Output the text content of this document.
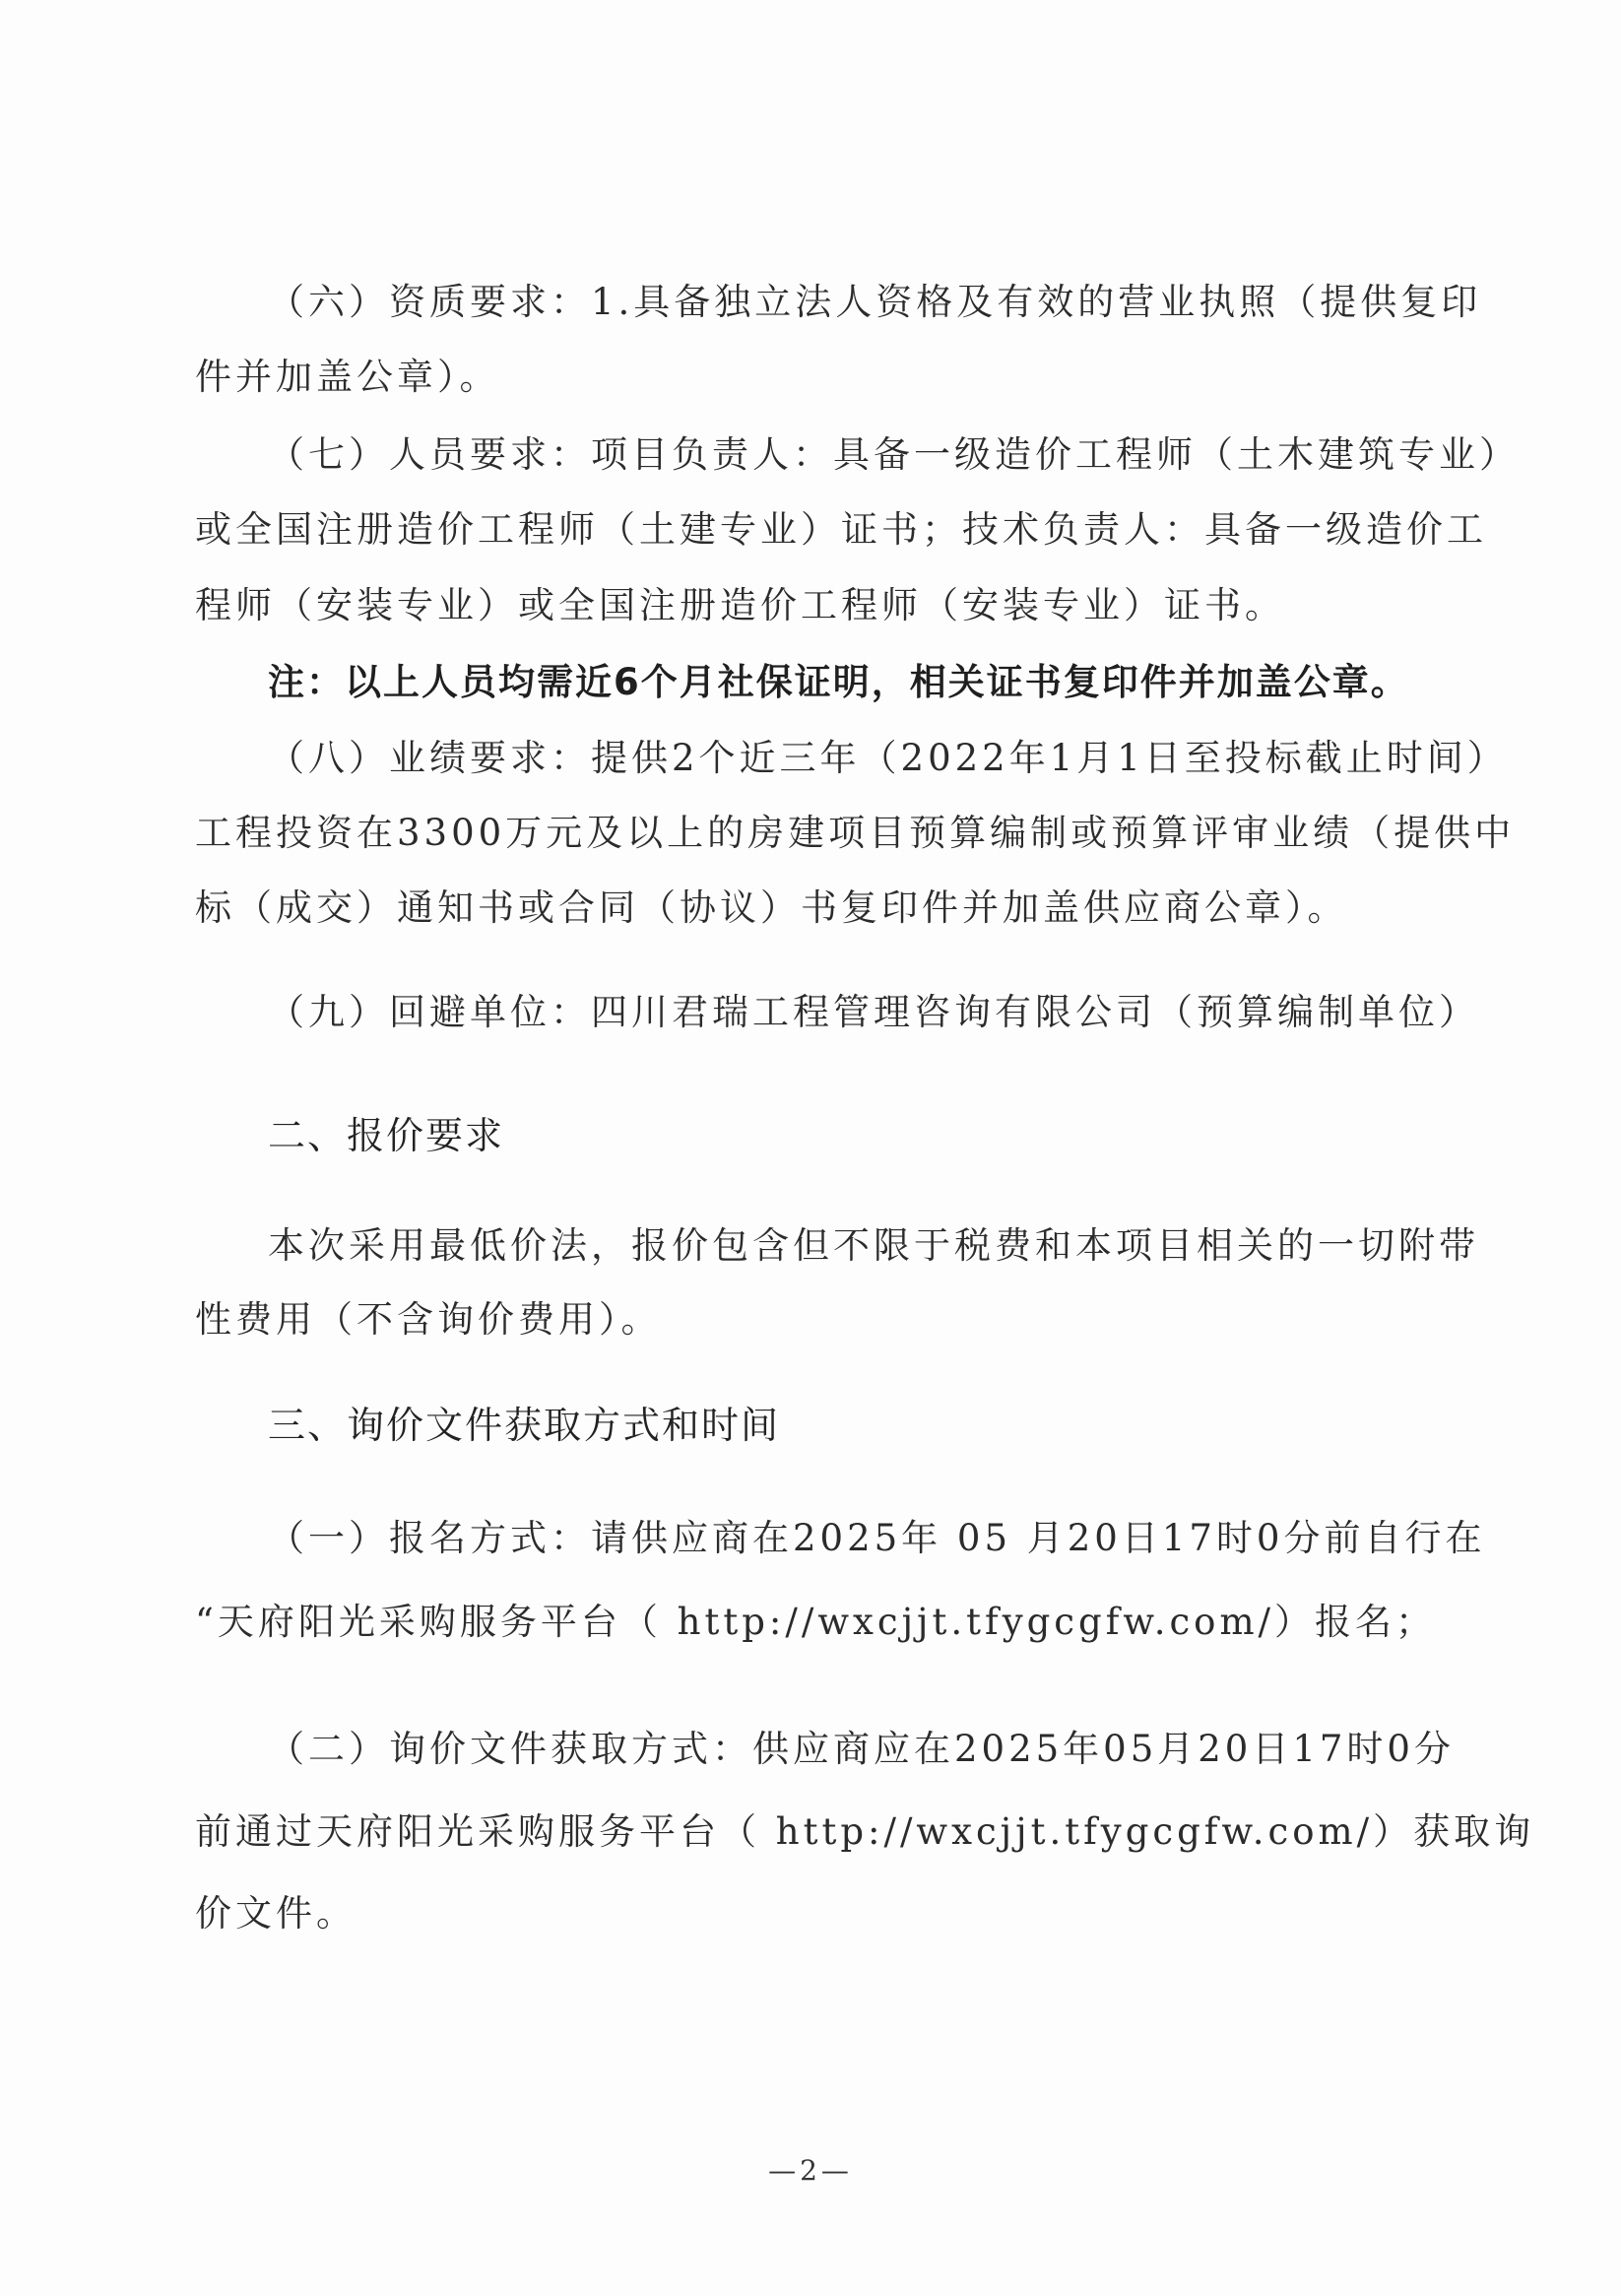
（六）资质要求：1.具备独立法人资格及有效的营业执照（提供复印
件并加盖公章）。
（七）人员要求：项目负责人：具备一级造价工程师（土木建筑专业）
或全国注册造价工程师（土建专业）证书；技术负责人：具备一级造价工
程师（安装专业）或全国注册造价工程师（安装专业）证书。
注：以上人员均需近6个月社保证明，相关证书复印件并加盖公章。
（八）业绩要求：提供2个近三年（2022年1月1日至投标截止时间）
工程投资在3300万元及以上的房建项目预算编制或预算评审业绩（提供中
标（成交）通知书或合同（协议）书复印件并加盖供应商公章）。
（九）回避单位：四川君瑞工程管理咨询有限公司（预算编制单位）
二、报价要求
本次采用最低价法，报价包含但不限于税费和本项目相关的一切附带
性费用（不含询价费用）。
三、询价文件获取方式和时间
（一）报名方式：请供应商在2025年 05 月20日17时0分前自行在
“天府阳光采购服务平台（ http://wxcjjt.tfygcgfw.com/）报名；
（二）询价文件获取方式：供应商应在2025年05月20日17时0分
前通过天府阳光采购服务平台（ http://wxcjjt.tfygcgfw.com/）获取询
价文件。
—2—
